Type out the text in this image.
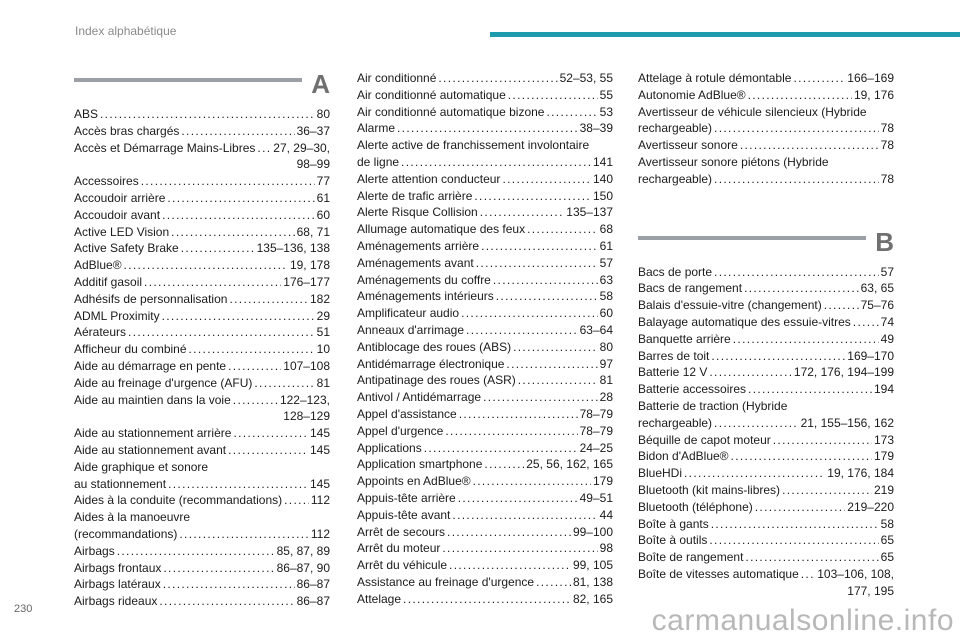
Index alphabétique
A
ABS . . .	80
Accès bras chargés . . .	36–37
Accès et Démarrage Mains-Libres . . . 27, 29–30,
98–99
Accessoires . . .	77
Accoudoir arrière . . .	61
Accoudoir avant . . .	60
Active LED Vision . . .	68, 71
Active Safety Brake . . .	135–136, 138
AdBlue® . . .	19, 178
Additif gasoil . . .	176–177
Adhésifs de personnalisation . . .	182
ADML Proximity . . .	29
Aérateurs . . .	51
Afficheur du combiné . . .	10
Aide au démarrage en pente . . .	107–108
Aide au freinage d'urgence (AFU) . . .	81
Aide au maintien dans la voie . . .	122–123,
128–129
Aide au stationnement arrière . . .	145
Aide au stationnement avant . . .	145
Aide graphique et sonore
au stationnement . . .	145
Aides à la conduite (recommandations) . . . 112
Aides à la manoeuvre
(recommandations) . . .	112
Airbags . . .	85, 87, 89
Airbags frontaux . . .	86–87, 90
Airbags latéraux . . .	86–87
Airbags rideaux . . .	86–87
Air conditionné . . .	52–53, 55
Air conditionné automatique . . .	55
Air conditionné automatique bizone . . .	53
Alarme . . .	38–39
Alerte active de franchissement involontaire
de ligne . . .	141
Alerte attention conducteur . . .	140
Alerte de trafic arrière . . .	150
Alerte Risque Collision . . .	135–137
Allumage automatique des feux . . .	68
Aménagements arrière . . .	61
Aménagements avant . . .	57
Aménagements du coffre . . .	63
Aménagements intérieurs . . .	58
Amplificateur audio . . .	60
Anneaux d'arrimage . . .	63–64
Antiblocage des roues (ABS) . . .	80
Antidémarrage électronique . . .	97
Antipatinage des roues (ASR) . . .	81
Antivol / Antidémarrage . . .	28
Appel d'assistance . . .	78–79
Appel d'urgence . . .	78–79
Applications . . .	24–25
Application smartphone . . .	25, 56, 162, 165
Appoints en AdBlue® . . .	179
Appuis-tête arrière . . .	49–51
Appuis-tête avant . . .	44
Arrêt de secours . . .	99–100
Arrêt du moteur . . .	98
Arrêt du véhicule . . .	99, 105
Assistance au freinage d'urgence . . .	81, 138
Attelage . . .	82, 165
Attelage à rotule démontable . . .	166–169
Autonomie AdBlue® . . .	19, 176
Avertisseur de véhicule silencieux (Hybride
rechargeable) . . .	78
Avertisseur sonore . . .	78
Avertisseur sonore piétons (Hybride
rechargeable) . . .	78
B
Bacs de porte . . .	57
Bacs de rangement . . .	63, 65
Balais d'essuie-vitre (changement) . . .	75–76
Balayage automatique des essuie-vitres . . . 74
Banquette arrière . . .	49
Barres de toit . . .	169–170
Batterie 12 V . . .	172, 176, 194–199
Batterie accessoires . . .	194
Batterie de traction (Hybride
rechargeable) . . .	21, 155–156, 162
Béquille de capot moteur . . .	173
Bidon d'AdBlue® . . .	179
BlueHDi . . .	19, 176, 184
Bluetooth (kit mains-libres) . . .	219
Bluetooth (téléphone) . . .	219–220
Boîte à gants . . .	58
Boîte à outils . . .	65
Boîte de rangement . . .	65
Boîte de vitesses automatique . . . 103–106, 108,
177, 195
230	carmanualsonline.info
